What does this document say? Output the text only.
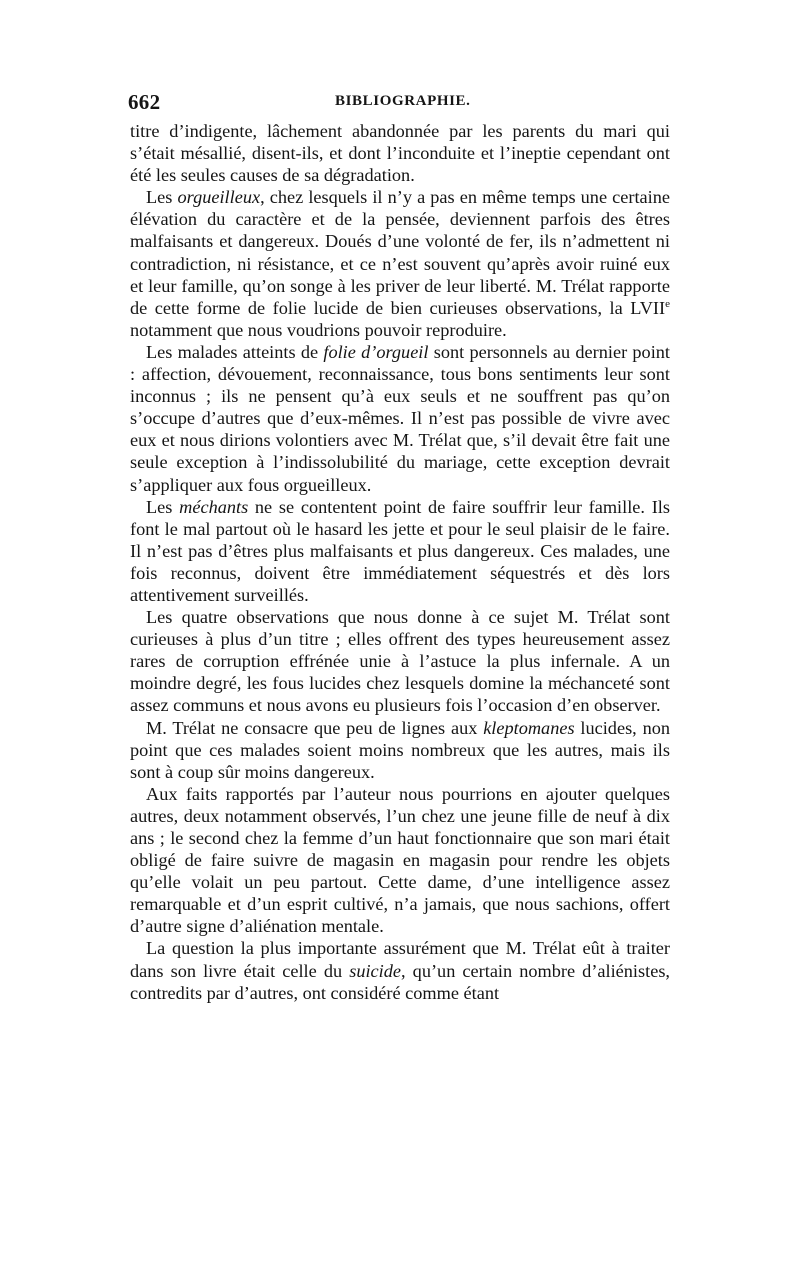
662	BIBLIOGRAPHIE.

titre d’indigente, lâchement abandonnée par les parents du mari qui s’était mésallié, disent-ils, et dont l’inconduite et l’ineptie cependant ont été les seules causes de sa dégradation.

Les orgueilleux, chez lesquels il n’y a pas en même temps une certaine élévation du caractère et de la pensée, deviennent parfois des êtres malfaisants et dangereux. Doués d’une volonté de fer, ils n’admettent ni contradiction, ni résistance, et ce n’est souvent qu’après avoir ruiné eux et leur famille, qu’on songe à les priver de leur liberté. M. Trélat rapporte de cette forme de folie lucide de bien curieuses observations, la LVIIe notamment que nous voudrions pouvoir reproduire.

Les malades atteints de folie d’orgueil sont personnels au dernier point : affection, dévouement, reconnaissance, tous bons sentiments leur sont inconnus ; ils ne pensent qu’à eux seuls et ne souffrent pas qu’on s’occupe d’autres que d’eux-mêmes. Il n’est pas possible de vivre avec eux et nous dirions volontiers avec M. Trélat que, s’il devait être fait une seule exception à l’indissolubilité du mariage, cette exception devrait s’appliquer aux fous orgueilleux.

Les méchants ne se contentent point de faire souffrir leur famille. Ils font le mal partout où le hasard les jette et pour le seul plaisir de le faire. Il n’est pas d’êtres plus malfaisants et plus dangereux. Ces malades, une fois reconnus, doivent être immédiatement séquestrés et dès lors attentivement surveillés.

Les quatre observations que nous donne à ce sujet M. Trélat sont curieuses à plus d’un titre ; elles offrent des types heureusement assez rares de corruption effrénée unie à l’astuce la plus infernale. A un moindre degré, les fous lucides chez lesquels domine la méchanceté sont assez communs et nous avons eu plusieurs fois l’occasion d’en observer.

M. Trélat ne consacre que peu de lignes aux kleptomanes lucides, non point que ces malades soient moins nombreux que les autres, mais ils sont à coup sûr moins dangereux.

Aux faits rapportés par l’auteur nous pourrions en ajouter quelques autres, deux notamment observés, l’un chez une jeune fille de neuf à dix ans ; le second chez la femme d’un haut fonctionnaire que son mari était obligé de faire suivre de magasin en magasin pour rendre les objets qu’elle volait un peu partout. Cette dame, d’une intelligence assez remarquable et d’un esprit cultivé, n’a jamais, que nous sachions, offert d’autre signe d’aliénation mentale.

La question la plus importante assurément que M. Trélat eût à traiter dans son livre était celle du suicide, qu’un certain nombre d’aliénistes, contredits par d’autres, ont considéré comme étant
